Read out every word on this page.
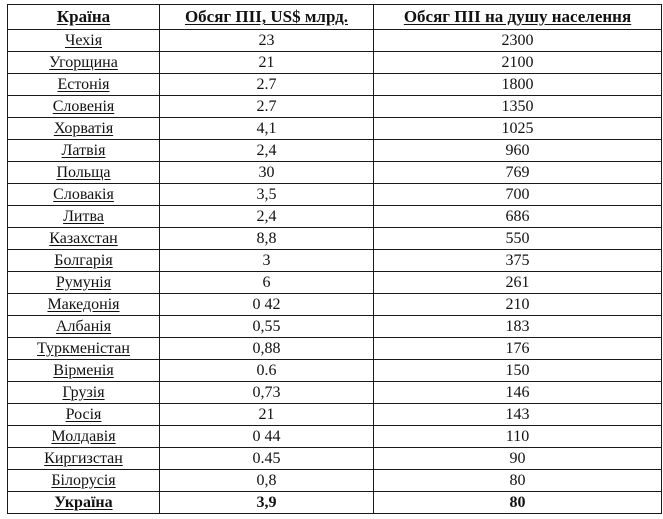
Країна	Обсяг ПІІ, US$ млрд.	Обсяг ПІІ на душу населення
Чехія	23	2300
Угорщина	21	2100
Естонія	2.7	1800
Словенія	2.7	1350
Хорватія	4,1	1025
Латвія	2,4	960
Польща	30	769
Словакія	3,5	700
Литва	2,4	686
Казахстан	8,8	550
Болгарія	3	375
Румунія	6	261
Македонія	0 42	210
Албанія	0,55	183
Туркменістан	0,88	176
Вірменія	0.6	150
Грузія	0,73	146
Росія	21	143
Молдавія	0 44	110
Киргизстан	0.45	90
Білорусія	0,8	80
Україна	3,9	80
